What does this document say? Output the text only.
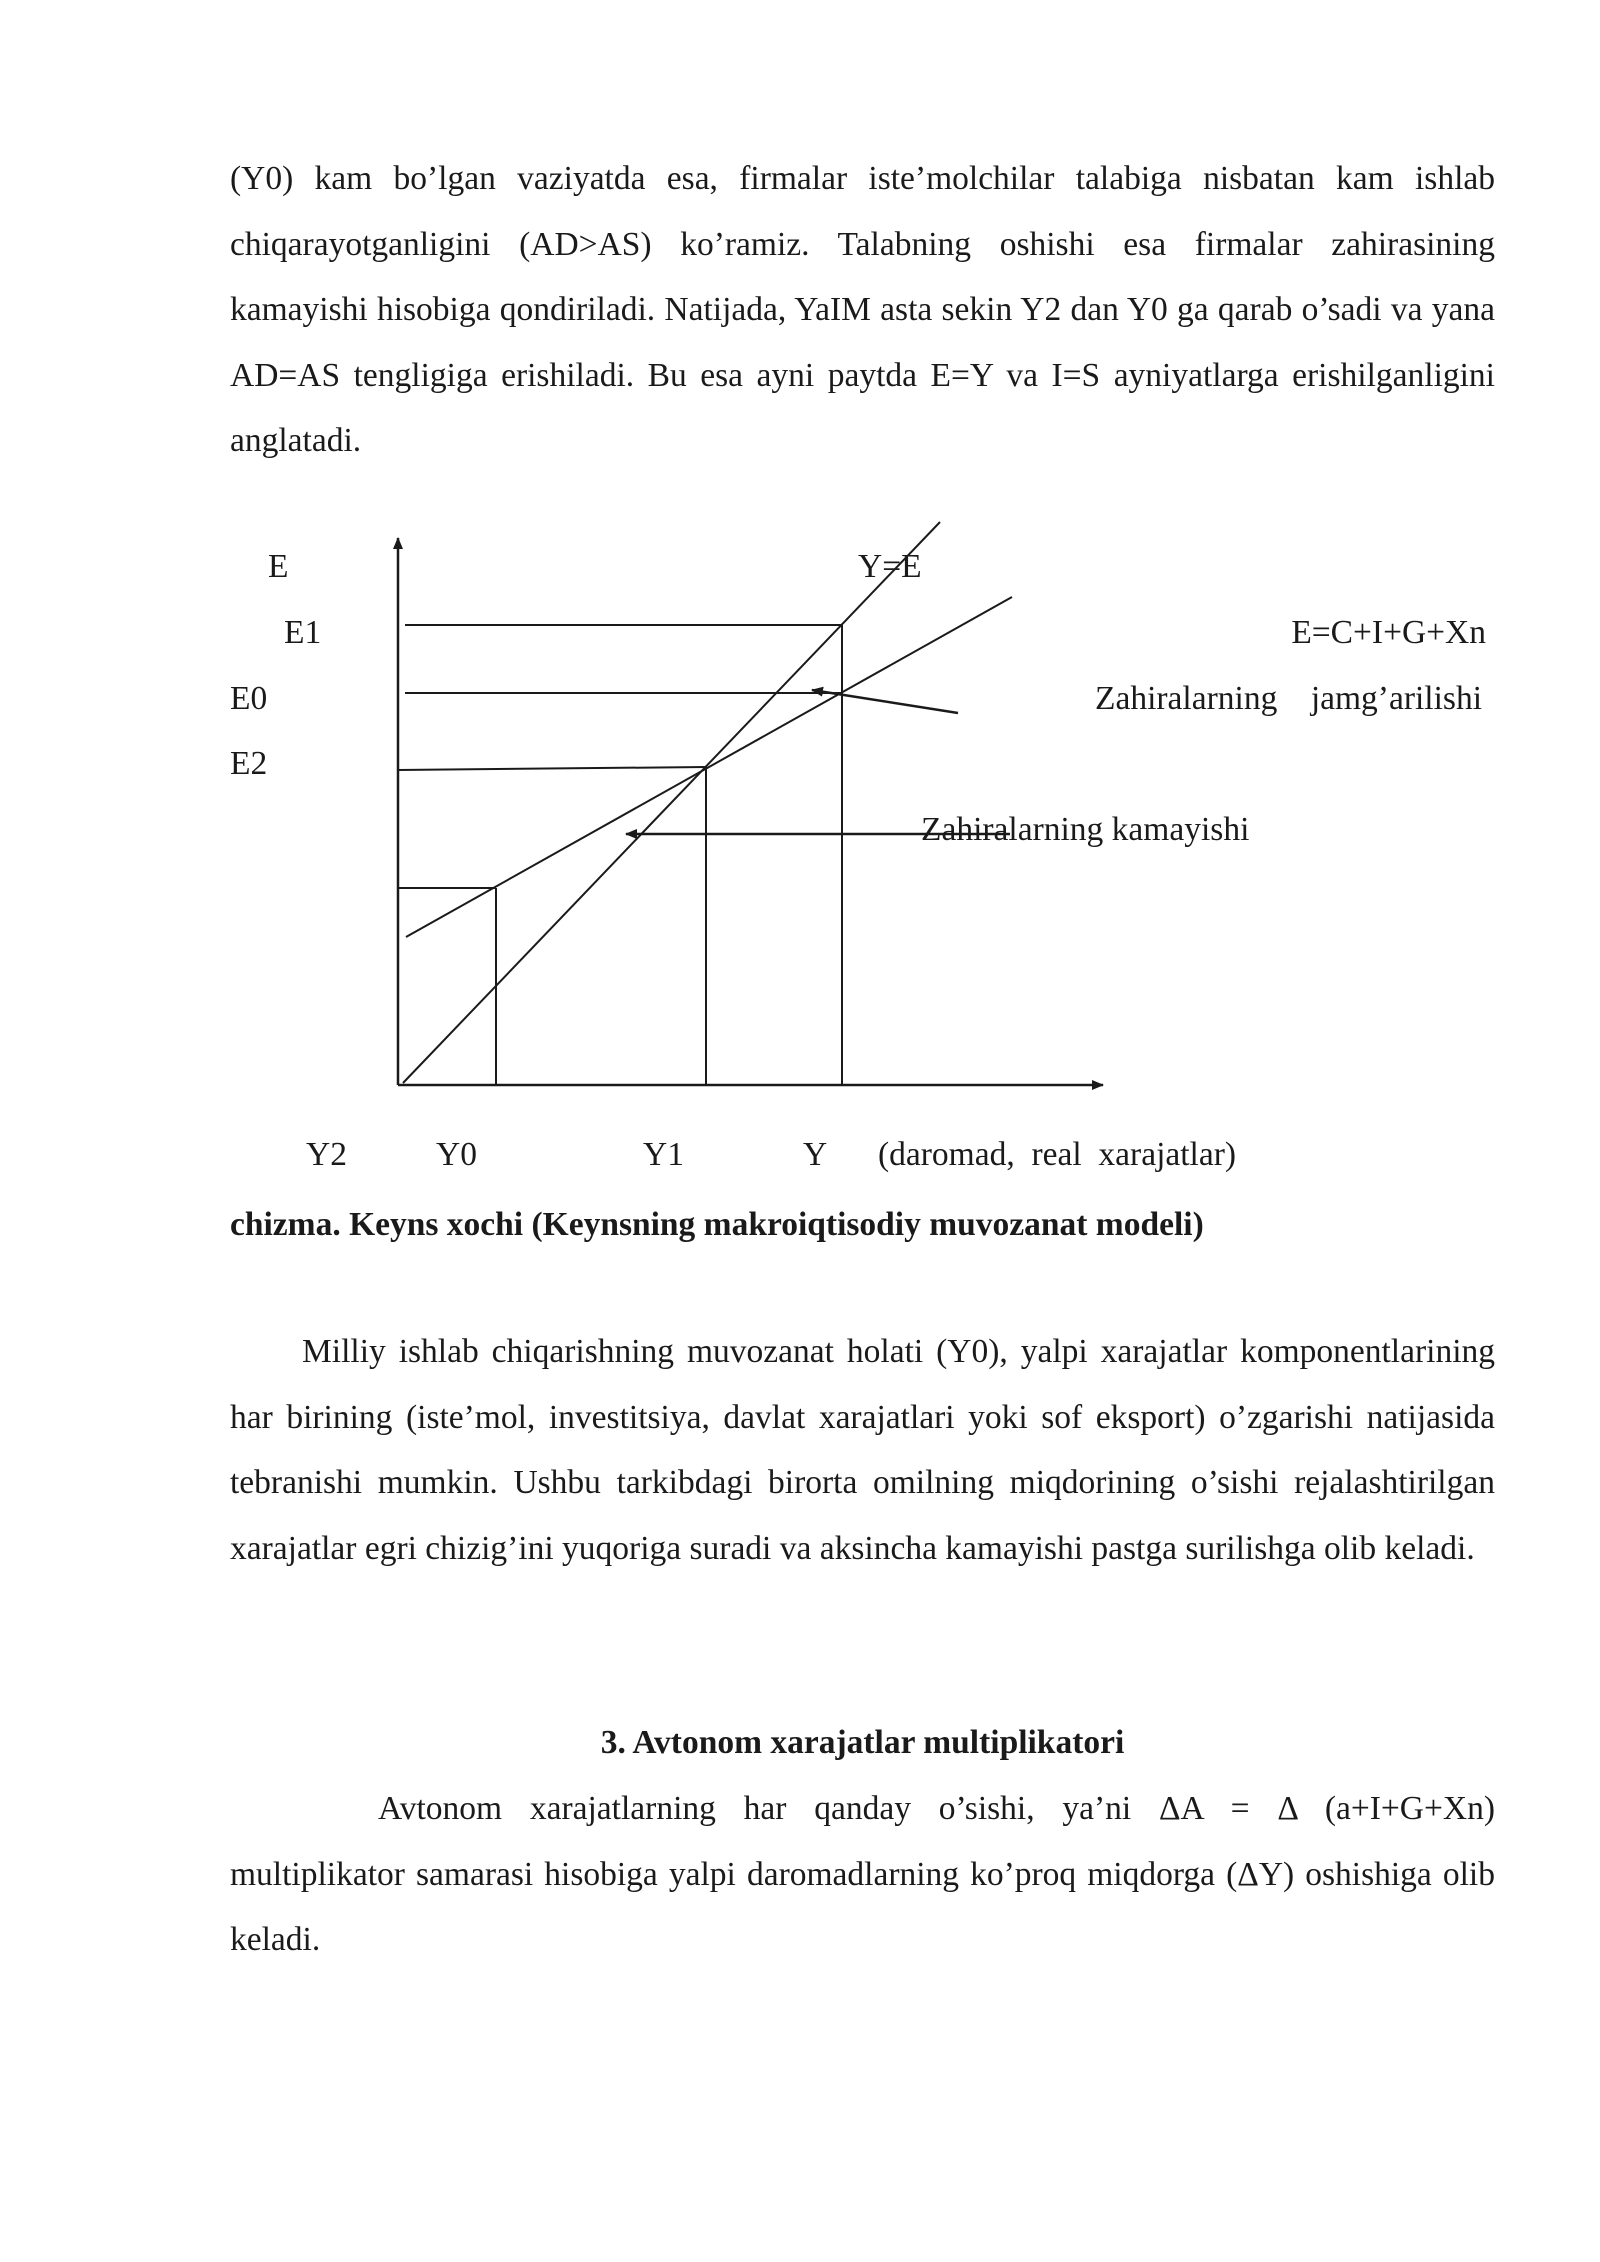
(Y0) kam bo’lgan vaziyatda esa, firmalar iste’molchilar talabiga nisbatan kam ishlab chiqarayotganligini (AD>AS) ko’ramiz. Talabning oshishi esa firmalar zahirasining kamayishi hisobiga qondiriladi. Natijada, YaIM asta sekin Y2 dan Y0 ga qarab o’sadi va yana AD=AS tengligiga erishiladi. Bu esa ayni paytda E=Y va I=S ayniyatlarga erishilganligini anglatadi.

E
E1
E0
E2
Y=E
E=C+I+G+Xn
Zahiralarning    jamg’arilishi
Zahiralarning kamayishi
Y2	Y0	Y1	Y (daromad,  real  xarajatlar)

chizma. Keyns xochi (Keynsning makroiqtisodiy muvozanat modeli)

Milliy ishlab chiqarishning muvozanat holati (Y0), yalpi xarajatlar komponentlarining har birining (iste’mol, investitsiya, davlat xarajatlari yoki sof eksport) o’zgarishi natijasida tebranishi mumkin. Ushbu tarkibdagi birorta omilning miqdorining o’sishi rejalashtirilgan xarajatlar egri chizig’ini yuqoriga suradi va aksincha kamayishi pastga surilishga olib keladi.

3. Avtonom xarajatlar multiplikatori

Avtonom xarajatlarning har qanday o’sishi, ya’ni ΔA = Δ (a+I+G+Xn) multiplikator samarasi hisobiga yalpi daromadlarning ko’proq miqdorga (ΔY) oshishiga olib keladi.
